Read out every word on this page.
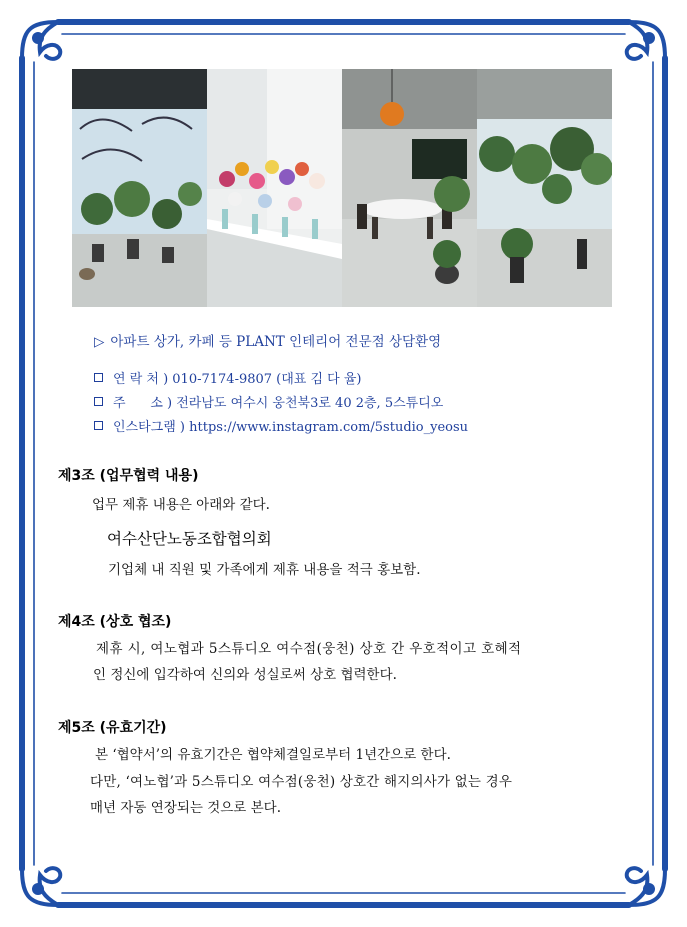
▷ 아파트 상가, 카페 등 PLANT 인테리어 전문점 상담환영
연 락 처 ) 010-7174-9807 (대표 김 다 율)
주      소 ) 전라남도 여수시 웅천북3로 40 2층, 5스튜디오
인스타그램 ) https://www.instagram.com/5studio_yeosu
제3조 (업무협력 내용)
업무 제휴 내용은 아래와 같다.
여수산단노동조합협의회
기업체 내 직원 및 가족에게 제휴 내용을 적극 홍보함.
제4조 (상호 협조)
제휴 시, 여노협과 5스튜디오 여수점(웅천) 상호 간 우호적이고 호혜적
인 정신에 입각하여 신의와 성실로써 상호 협력한다.
제5조 (유효기간)
본 ‘협약서’의 유효기간은 협약체결일로부터 1년간으로 한다.
다만, ‘여노협’과 5스튜디오 여수점(웅천) 상호간 해지의사가 없는 경우
매년 자동 연장되는 것으로 본다.
